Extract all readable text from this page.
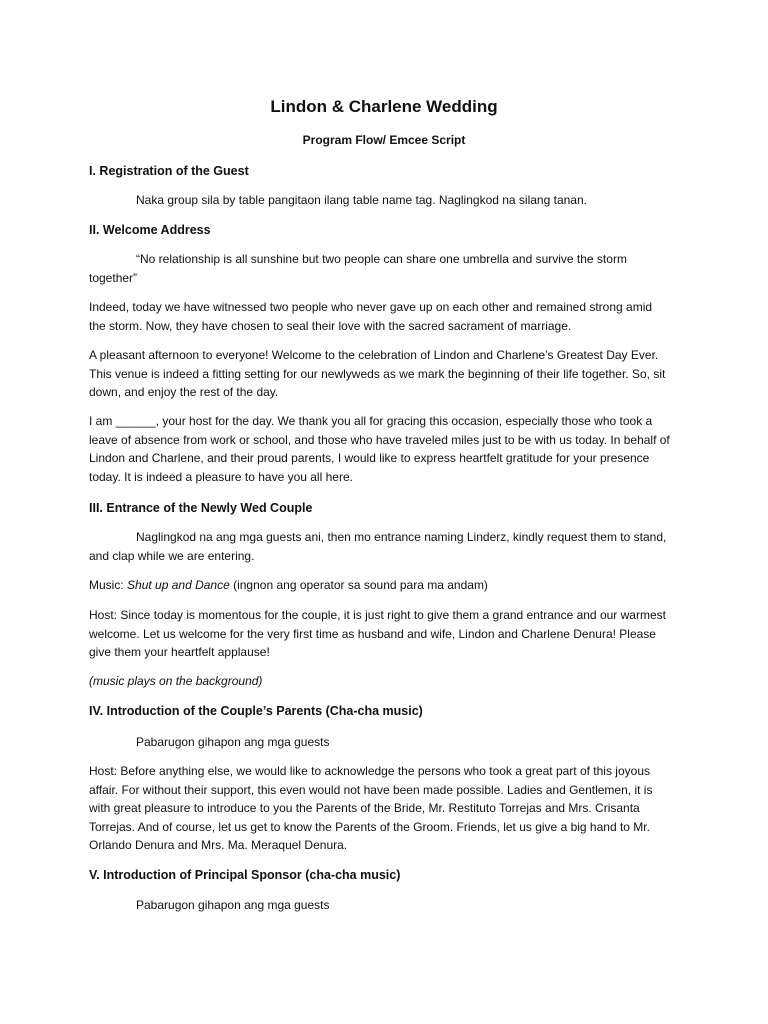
Lindon & Charlene Wedding
Program Flow/ Emcee Script
I. Registration of the Guest
Naka group sila by table pangitaon ilang table name tag. Naglingkod na silang tanan.
II. Welcome Address
“No relationship is all sunshine but two people can share one umbrella and survive the storm together”
Indeed, today we have witnessed two people who never gave up on each other and remained strong amid the storm. Now, they have chosen to seal their love with the sacred sacrament of marriage.
A pleasant afternoon to everyone! Welcome to the celebration of Lindon and Charlene’s Greatest Day Ever. This venue is indeed a fitting setting for our newlyweds as we mark the beginning of their life together. So, sit down, and enjoy the rest of the day.
I am ______, your host for the day. We thank you all for gracing this occasion, especially those who took a leave of absence from work or school, and those who have traveled miles just to be with us today. In behalf of Lindon and Charlene, and their proud parents, I would like to express heartfelt gratitude for your presence today. It is indeed a pleasure to have you all here.
III. Entrance of the Newly Wed Couple
Naglingkod na ang mga guests ani, then mo entrance naming Linderz, kindly request them to stand, and clap while we are entering.
Music: Shut up and Dance (ingnon ang operator sa sound para ma andam)
Host: Since today is momentous for the couple, it is just right to give them a grand entrance and our warmest welcome. Let us welcome for the very first time as husband and wife, Lindon and Charlene Denura! Please give them your heartfelt applause!
(music plays on the background)
IV. Introduction of the Couple’s Parents (Cha-cha music)
Pabarugon gihapon ang mga guests
Host: Before anything else, we would like to acknowledge the persons who took a great part of this joyous affair. For without their support, this even would not have been made possible. Ladies and Gentlemen, it is with great pleasure to introduce to you the Parents of the Bride, Mr. Restituto Torrejas and Mrs. Crisanta Torrejas. And of course, let us get to know the Parents of the Groom. Friends, let us give a big hand to Mr. Orlando Denura and Mrs. Ma. Meraquel Denura.
V. Introduction of Principal Sponsor (cha-cha music)
Pabarugon gihapon ang mga guests
